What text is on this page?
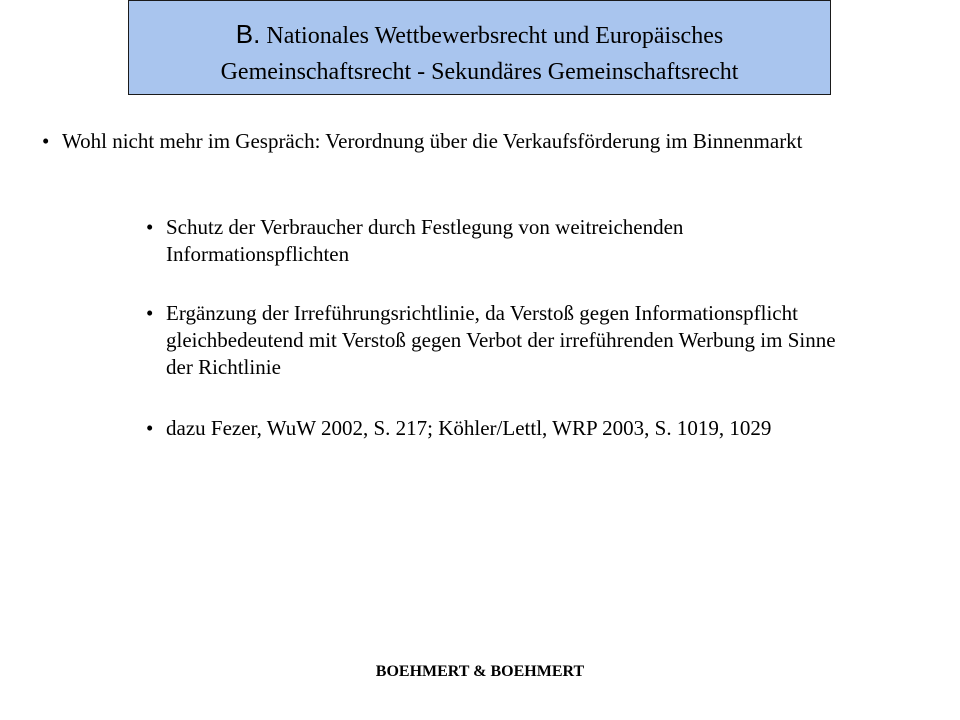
B. Nationales Wettbewerbsrecht und Europäisches
Gemeinschaftsrecht - Sekundäres Gemeinschaftsrecht
• Wohl nicht mehr im Gespräch: Verordnung über die Verkaufsförderung im Binnenmarkt
• Schutz der Verbraucher durch Festlegung von weitreichenden Informationspflichten
• Ergänzung der Irreführungsrichtlinie, da Verstoß gegen Informationspflicht gleichbedeutend mit Verstoß gegen Verbot der irreführenden Werbung im Sinne der Richtlinie
• dazu Fezer, WuW 2002, S. 217; Köhler/Lettl, WRP 2003, S. 1019, 1029
BOEHMERT & BOEHMERT
